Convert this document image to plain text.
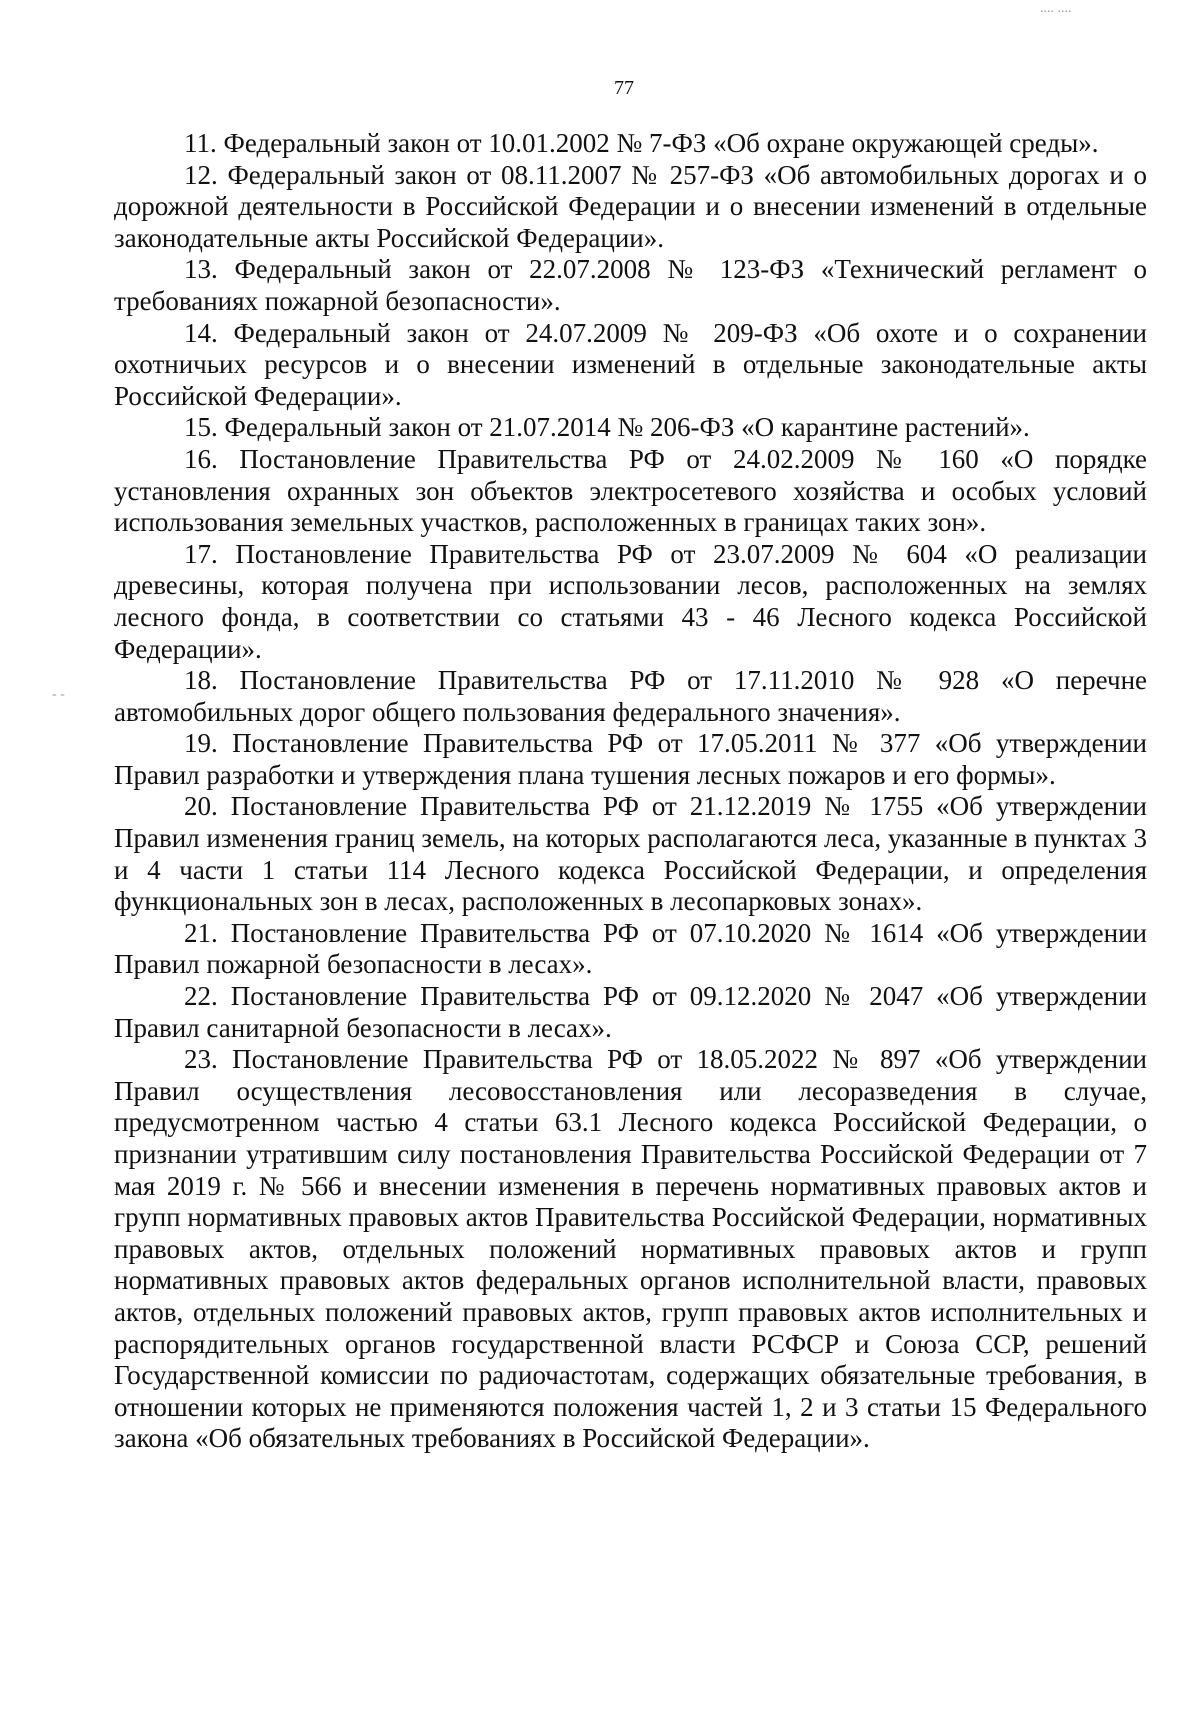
.... ....
- -
77

11. Федеральный закон от 10.01.2002 № 7-ФЗ «Об охране окружающей среды».

12. Федеральный закон от 08.11.2007 № 257-ФЗ «Об автомобильных дорогах и о дорожной деятельности в Российской Федерации и о внесении изменений в отдельные законодательные акты Российской Федерации».

13. Федеральный закон от 22.07.2008 № 123-ФЗ «Технический регламент о требованиях пожарной безопасности».

14. Федеральный закон от 24.07.2009 № 209-ФЗ «Об охоте и о сохранении охотничьих ресурсов и о внесении изменений в отдельные законодательные акты Российской Федерации».

15. Федеральный закон от 21.07.2014 № 206-ФЗ «О карантине растений».

16. Постановление Правительства РФ от 24.02.2009 № 160 «О порядке установления охранных зон объектов электросетевого хозяйства и особых условий использования земельных участков, расположенных в границах таких зон».

17. Постановление Правительства РФ от 23.07.2009 № 604 «О реализации древесины, которая получена при использовании лесов, расположенных на землях лесного фонда, в соответствии со статьями 43 - 46 Лесного кодекса Российской Федерации».

18. Постановление Правительства РФ от 17.11.2010 № 928 «О перечне автомобильных дорог общего пользования федерального значения».

19. Постановление Правительства РФ от 17.05.2011 № 377 «Об утверждении Правил разработки и утверждения плана тушения лесных пожаров и его формы».

20. Постановление Правительства РФ от 21.12.2019 № 1755 «Об утверждении Правил изменения границ земель, на которых располагаются леса, указанные в пунктах 3 и 4 части 1 статьи 114 Лесного кодекса Российской Федерации, и определения функциональных зон в лесах, расположенных в лесопарковых зонах».

21. Постановление Правительства РФ от 07.10.2020 № 1614 «Об утверждении Правил пожарной безопасности в лесах».

22. Постановление Правительства РФ от 09.12.2020 № 2047 «Об утверждении Правил санитарной безопасности в лесах».

23. Постановление Правительства РФ от 18.05.2022 № 897 «Об утверждении Правил осуществления лесовосстановления или лесоразведения в случае, предусмотренном частью 4 статьи 63.1 Лесного кодекса Российской Федерации, о признании утратившим силу постановления Правительства Российской Федерации от 7 мая 2019 г. № 566 и внесении изменения в перечень нормативных правовых актов и групп нормативных правовых актов Правительства Российской Федерации, нормативных правовых актов, отдельных положений нормативных правовых актов и групп нормативных правовых актов федеральных органов исполнительной власти, правовых актов, отдельных положений правовых актов, групп правовых актов исполнительных и распорядительных органов государственной власти РСФСР и Союза ССР, решений Государственной комиссии по радиочастотам, содержащих обязательные требования, в отношении которых не применяются положения частей 1, 2 и 3 статьи 15 Федерального закона «Об обязательных требованиях в Российской Федерации».
